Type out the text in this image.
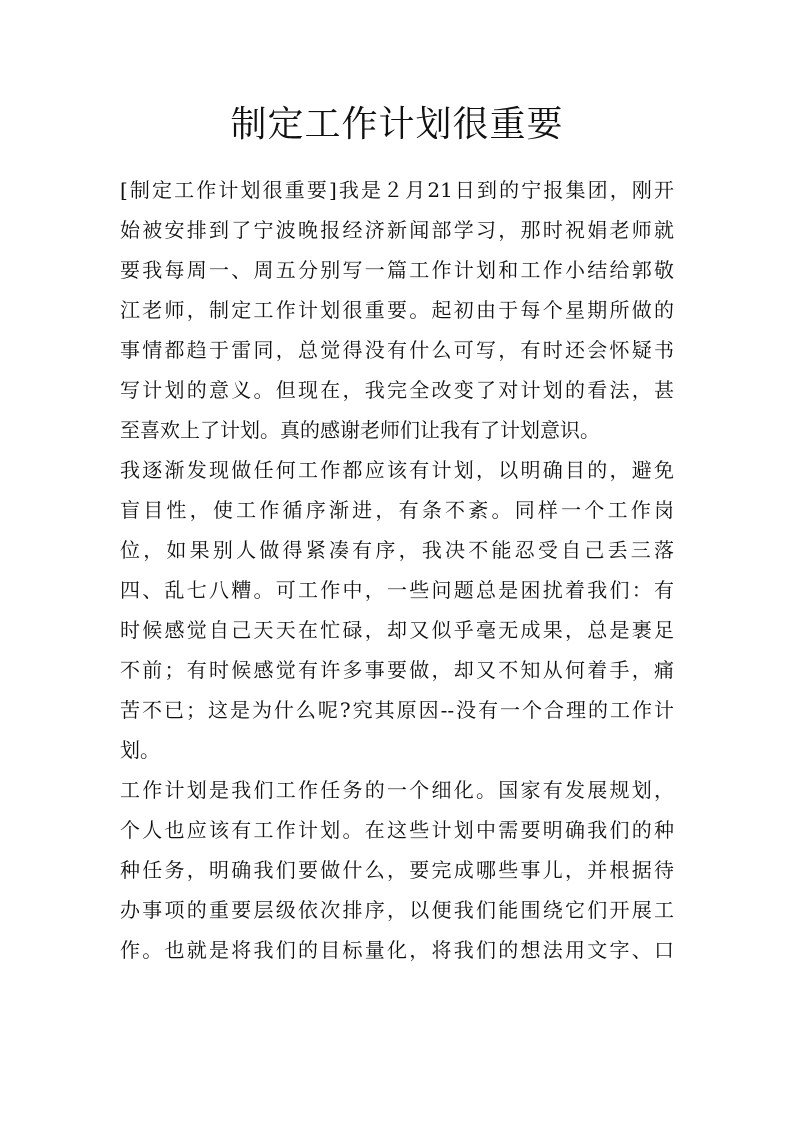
制定工作计划很重要
[制定工作计划很重要]我是２月21日到的宁报集团，刚开
始被安排到了宁波晚报经济新闻部学习，那时祝娟老师就
要我每周一、周五分别写一篇工作计划和工作小结给郭敬
江老师，制定工作计划很重要。起初由于每个星期所做的
事情都趋于雷同，总觉得没有什么可写，有时还会怀疑书
写计划的意义。但现在，我完全改变了对计划的看法，甚
至喜欢上了计划。真的感谢老师们让我有了计划意识。
我逐渐发现做任何工作都应该有计划，以明确目的，避免
盲目性，使工作循序渐进，有条不紊。同样一个工作岗
位，如果别人做得紧凑有序，我决不能忍受自己丢三落
四、乱七八糟。可工作中，一些问题总是困扰着我们：有
时候感觉自己天天在忙碌，却又似乎毫无成果，总是裹足
不前；有时候感觉有许多事要做，却又不知从何着手，痛
苦不已；这是为什么呢?究其原因--没有一个合理的工作计
划。
工作计划是我们工作任务的一个细化。国家有发展规划，
个人也应该有工作计划。在这些计划中需要明确我们的种
种任务，明确我们要做什么，要完成哪些事儿，并根据待
办事项的重要层级依次排序，以便我们能围绕它们开展工
作。也就是将我们的目标量化，将我们的想法用文字、口
